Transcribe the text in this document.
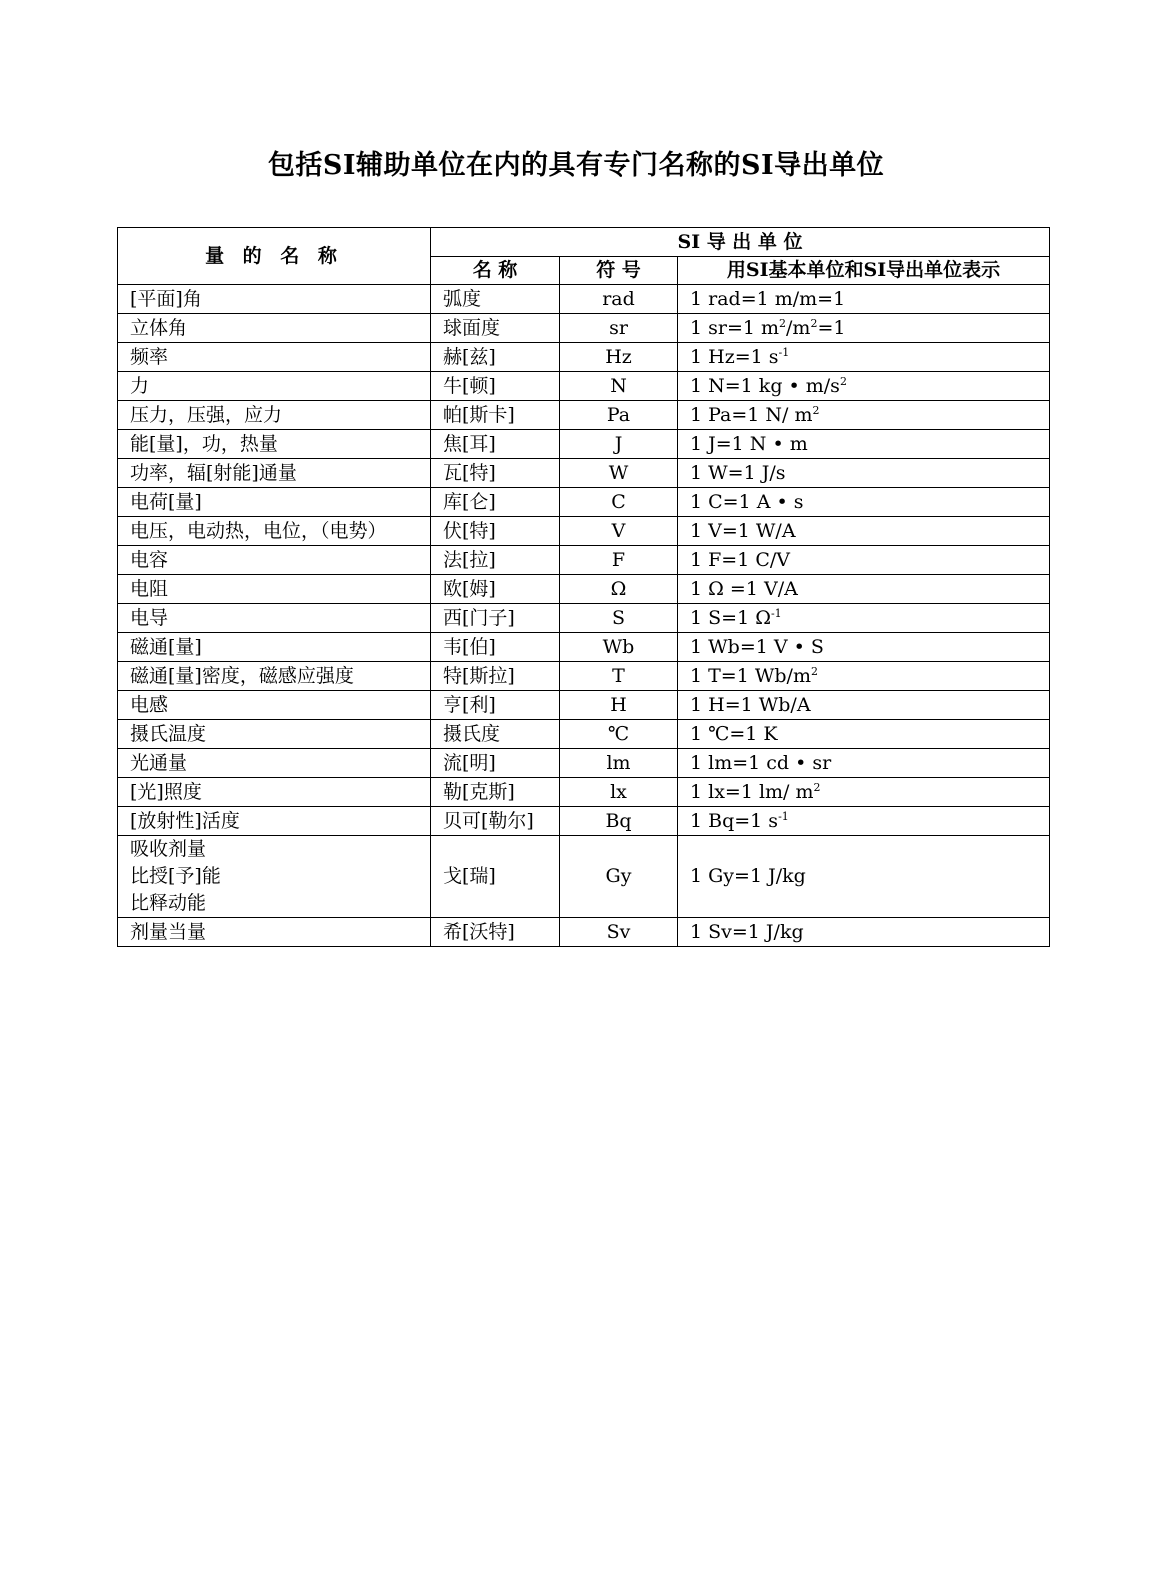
包括SI辅助单位在内的具有专门名称的SI导出单位
量 的 名 称	SI 导 出 单 位		
	名 称	符 号	用SI基本单位和SI导出单位表示
[平面]角	弧度	rad	1 rad=1 m/m=1
立体角	球面度	sr	1 sr=1 $m^2/m^2=1$
频率	赫[兹]	Hz	1 Hz=1 $s^{-1}$
力	牛[顿]	N	1 N=1 kg • $m/s^2$
压力，压强，应力	帕[斯卡]	Pa	1 Pa=1 N/ $m^2$
能[量]，功，热量	焦[耳]	J	1 J=1 N • m
功率，辐[射能]通量	瓦[特]	W	1 W=1 J/s
电荷[量]	库[仑]	C	1 C=1 A • s
电压，电动热，电位，（电势）	伏[特]	V	1 V=1 W/A
电容	法[拉]	F	1 F=1 C/V
电阻	欧[姆]	Ω	1 Ω =1 V/A
电导	西[门子]	S	1 S=1 $\Omega^{-1}$
磁通[量]	韦[伯]	Wb	1 Wb=1 V • S
磁通[量]密度，磁感应强度	特[斯拉]	T	1 T=1 $Wb/m^2$
电感	亨[利]	H	1 H=1 Wb/A
摄氏温度	摄氏度	℃	1 ℃=1 K
光通量	流[明]	lm	1 lm=1 cd • sr
[光]照度	勒[克斯]	lx	1 lx=1 lm/ $m^2$
[放射性]活度	贝可[勒尔]	Bq	1 Bq=1 $s^{-1}$

吸收剂量
比授[予]能
比释动能	戈[瑞]	Gy	1 Gy=1 J/kg
剂量当量	希[沃特]	Sv	1 Sv=1 J/kg
